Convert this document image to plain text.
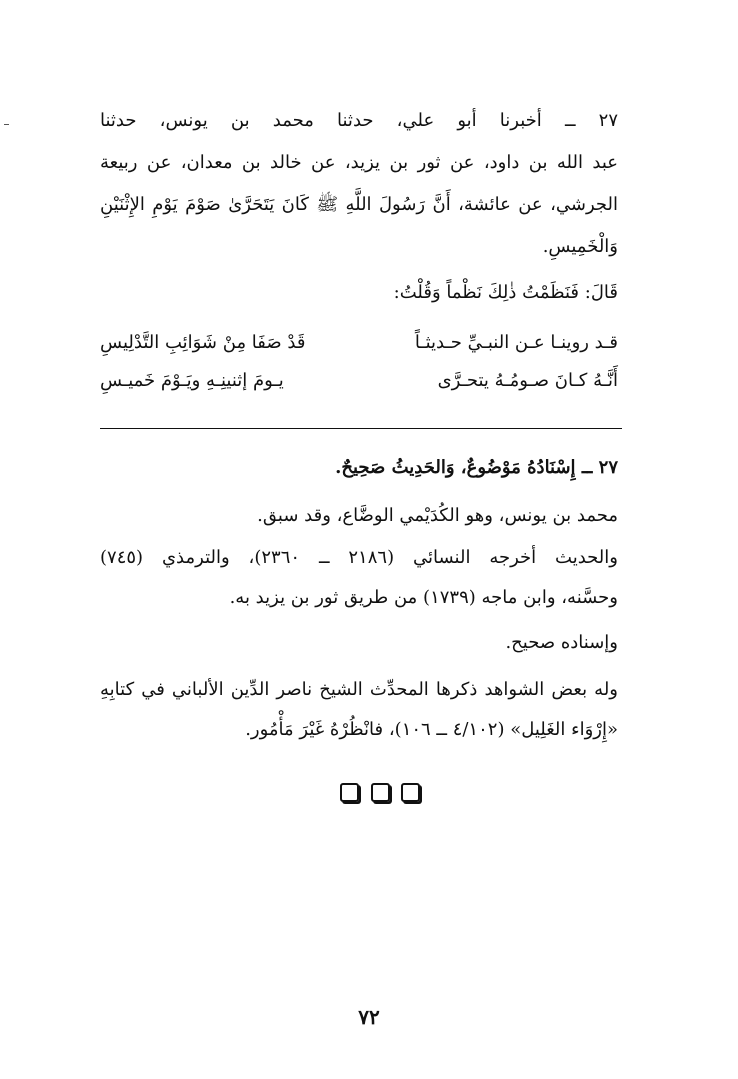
٢٧ ــ أخبرنا أبو علي، حدثنا محمد بن يونس، حدثنا
عبد الله بن داود، عن ثور بن يزيد، عن خالد بن معدان، عن ربيعة
الجرشي، عن عائشة، أَنَّ رَسُولَ اللَّهِ ﷺ كَانَ يَتَحَرَّىٰ صَوْمَ يَوْمِ الإِثْنَيْنِ
وَالْخَمِيسِ.
قَالَ: فَنَظَمْتُ ذٰلِكَ نَظْماً وَقُلْتُ:
قـد روينـا عـن النبـيِّ حـديثـاً
قَدْ صَفَا مِنْ شَوَائِبِ التَّدْلِيسِ
أَنَّـهُ كـانَ صـومُـهُ يتحـرَّى
يـومَ إثنينِـهِ ويَـوْمَ خَميـسِ
٢٧ ــ إِسْنَادُهُ مَوْضُوعٌ، وَالحَدِيثُ صَحِيحٌ.
محمد بن يونس، وهو الكُدَيْمي الوضَّاع، وقد سبق.
والحديث أخرجه النسائي (٢١٨٦ ــ ٢٣٦٠)، والترمذي (٧٤٥)
وحسَّنه، وابن ماجه (١٧٣٩) من طريق ثور بن يزيد به.
وإسناده صحيح.
وله بعض الشواهد ذكرها المحدِّث الشيخ ناصر الدِّين الألباني في كتابِهِ
«إِرْوَاء الغَلِيل» (٤/١٠٢ ــ ١٠٦)، فانْظُرْهُ غَيْرَ مَأْمُور.
٧٢
